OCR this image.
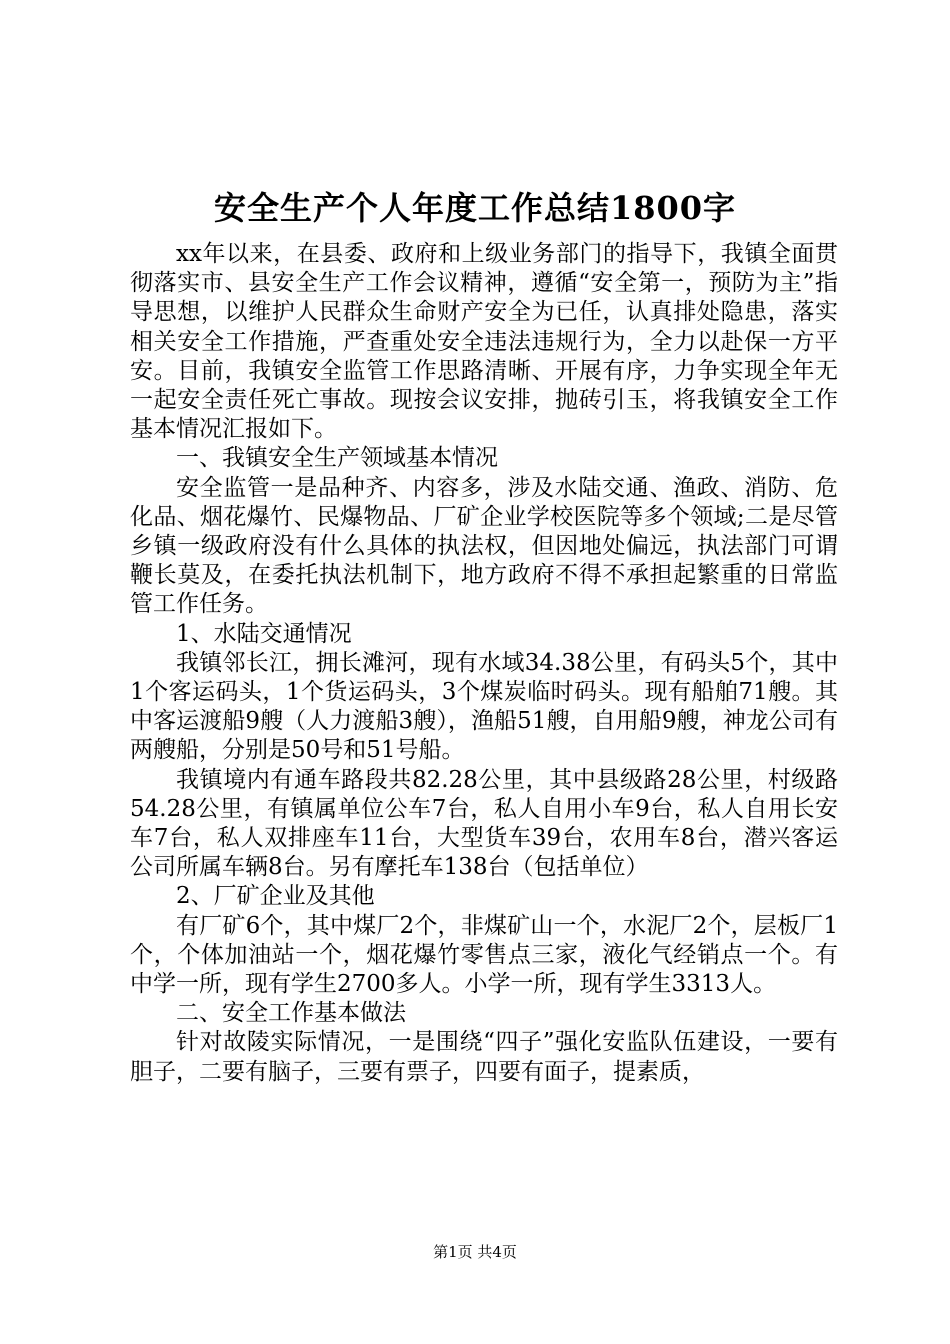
安全生产个人年度工作总结1800字

xx年以来，在县委、政府和上级业务部门的指导下，我镇全面贯彻落实市、县安全生产工作会议精神，遵循“安全第一，预防为主”指导思想，以维护人民群众生命财产安全为已任，认真排处隐患，落实相关安全工作措施，严查重处安全违法违规行为，全力以赴保一方平安。目前，我镇安全监管工作思路清晰、开展有序，力争实现全年无一起安全责任死亡事故。现按会议安排，抛砖引玉，将我镇安全工作基本情况汇报如下。

一、我镇安全生产领域基本情况

安全监管一是品种齐、内容多，涉及水陆交通、渔政、消防、危化品、烟花爆竹、民爆物品、厂矿企业学校医院等多个领域;二是尽管乡镇一级政府没有什么具体的执法权，但因地处偏远，执法部门可谓鞭长莫及，在委托执法机制下，地方政府不得不承担起繁重的日常监管工作任务。

1、水陆交通情况

我镇邻长江，拥长滩河，现有水域34.38公里，有码头5个，其中1个客运码头，1个货运码头，3个煤炭临时码头。现有船舶71艘。其中客运渡船9艘（人力渡船3艘），渔船51艘，自用船9艘，神龙公司有两艘船，分别是50号和51号船。

我镇境内有通车路段共82.28公里，其中县级路28公里，村级路54.28公里，有镇属单位公车7台，私人自用小车9台，私人自用长安车7台，私人双排座车11台，大型货车39台，农用车8台，潜兴客运公司所属车辆8台。另有摩托车138台（包括单位）

2、厂矿企业及其他

有厂矿6个，其中煤厂2个，非煤矿山一个，水泥厂2个，层板厂1个，个体加油站一个，烟花爆竹零售点三家，液化气经销点一个。有中学一所，现有学生2700多人。小学一所，现有学生3313人。

二、安全工作基本做法

针对故陵实际情况，一是围绕“四子”强化安监队伍建设，一要有胆子，二要有脑子，三要有票子，四要有面子，提素质，

第1页 共4页
